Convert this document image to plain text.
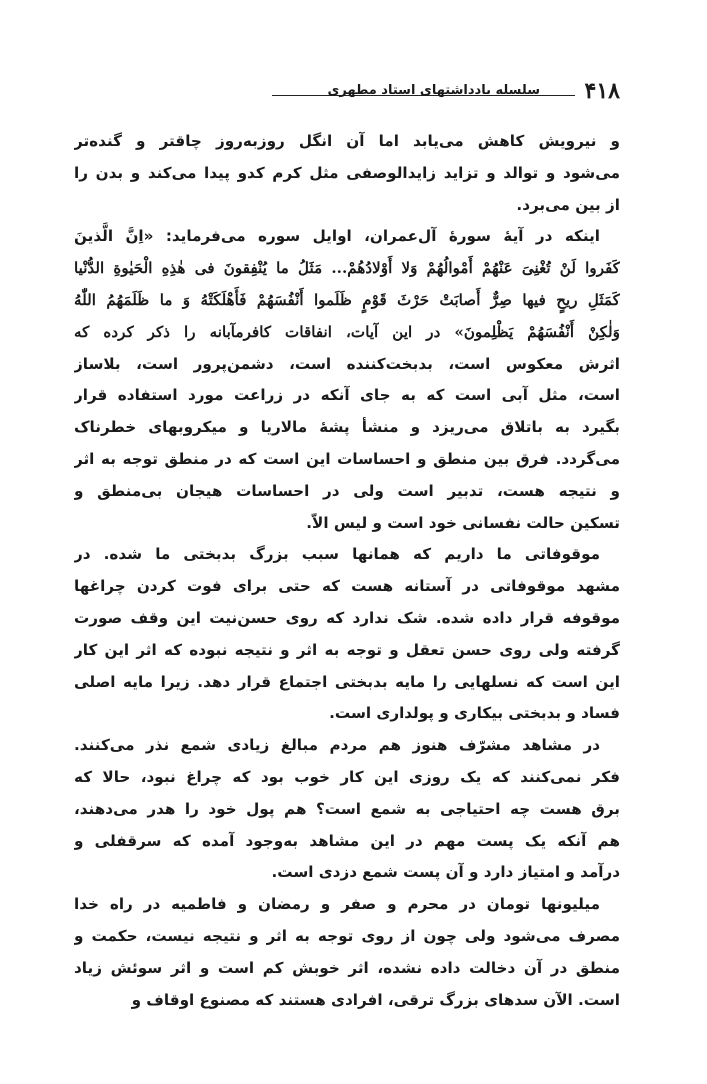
۴۱۸
سلسله یادداشتهای استاد مطهری
و نیرویش کاهش می‌یابد اما آن انگل روزبه‌روز چاقتر و گنده‌تر
می‌شود و توالد و تزاید زایدالوصفی مثل کرم کدو پیدا می‌کند و بدن را
از بین می‌برد.
اینکه در آیهٔ سورهٔ آل‌عمران، اوایل سوره می‌فرماید: «اِنَّ الَّذینَ
کَفَروا لَنْ تُغْنِیَ عَنْهُمْ أَمْوالُهُمْ وَلا أَوْلادُهُمْ... مَثَلُ ما یُنْفِقونَ فی هٰذِهِ الْحَیٰوةِ الدُّنْیا
کَمَثَلِ ریحٍ فیها صِرٌّ أَصابَتْ حَرْثَ قَوْمٍ ظَلَموا أَنْفُسَهُمْ فَأَهْلَکَتْهُ وَ ما ظَلَمَهُمُ اللّٰهُ
وَلٰکِنْ أَنْفُسَهُمْ یَظْلِمونَ» در این آیات، انفاقات کافرمآبانه را ذکر کرده که
اثرش معکوس است، بدبخت‌کننده است، دشمن‌پرور است، بلاساز
است، مثل آبی است که به جای آنکه در زراعت مورد استفاده قرار
بگیرد به باتلاق می‌ریزد و منشأ پشهٔ مالاریا و میکروبهای خطرناک
می‌گردد. فرق بین منطق و احساسات این است که در منطق توجه به اثر
و نتیجه هست، تدبیر است ولی در احساسات هیجان بی‌منطق و
تسکین حالت نفسانی خود است و لیس الاّ.
موقوفاتی ما داریم که همانها سبب بزرگ بدبختی ما شده. در
مشهد موقوفاتی در آستانه هست که حتی برای فوت کردن چراغها
موقوفه قرار داده شده. شک ندارد که روی حسن‌نیت این وقف صورت
گرفته ولی روی حسن تعقل و توجه به اثر و نتیجه نبوده که اثر این کار
این است که نسلهایی را مایه بدبختی اجتماع قرار دهد. زیرا مایه اصلی
فساد و بدبختی بیکاری و پولداری است.
در مشاهد مشرّف هنوز هم مردم مبالغ زیادی شمع نذر می‌کنند.
فکر نمی‌کنند که یک روزی این کار خوب بود که چراغ نبود، حالا که
برق هست چه احتیاجی به شمع است؟ هم پول خود را هدر می‌دهند،
هم آنکه یک پست مهم در این مشاهد به‌وجود آمده که سرقفلی و
درآمد و امتیاز دارد و آن پست شمع دزدی است.
میلیونها تومان در محرم و صفر و رمضان و فاطمیه در راه خدا
مصرف می‌شود ولی چون از روی توجه به اثر و نتیجه نیست، حکمت و
منطق در آن دخالت داده نشده، اثر خوبش کم است و اثر سوئش زیاد
است. الآن سدهای بزرگ ترقی، افرادی هستند که مصنوع اوقاف و
